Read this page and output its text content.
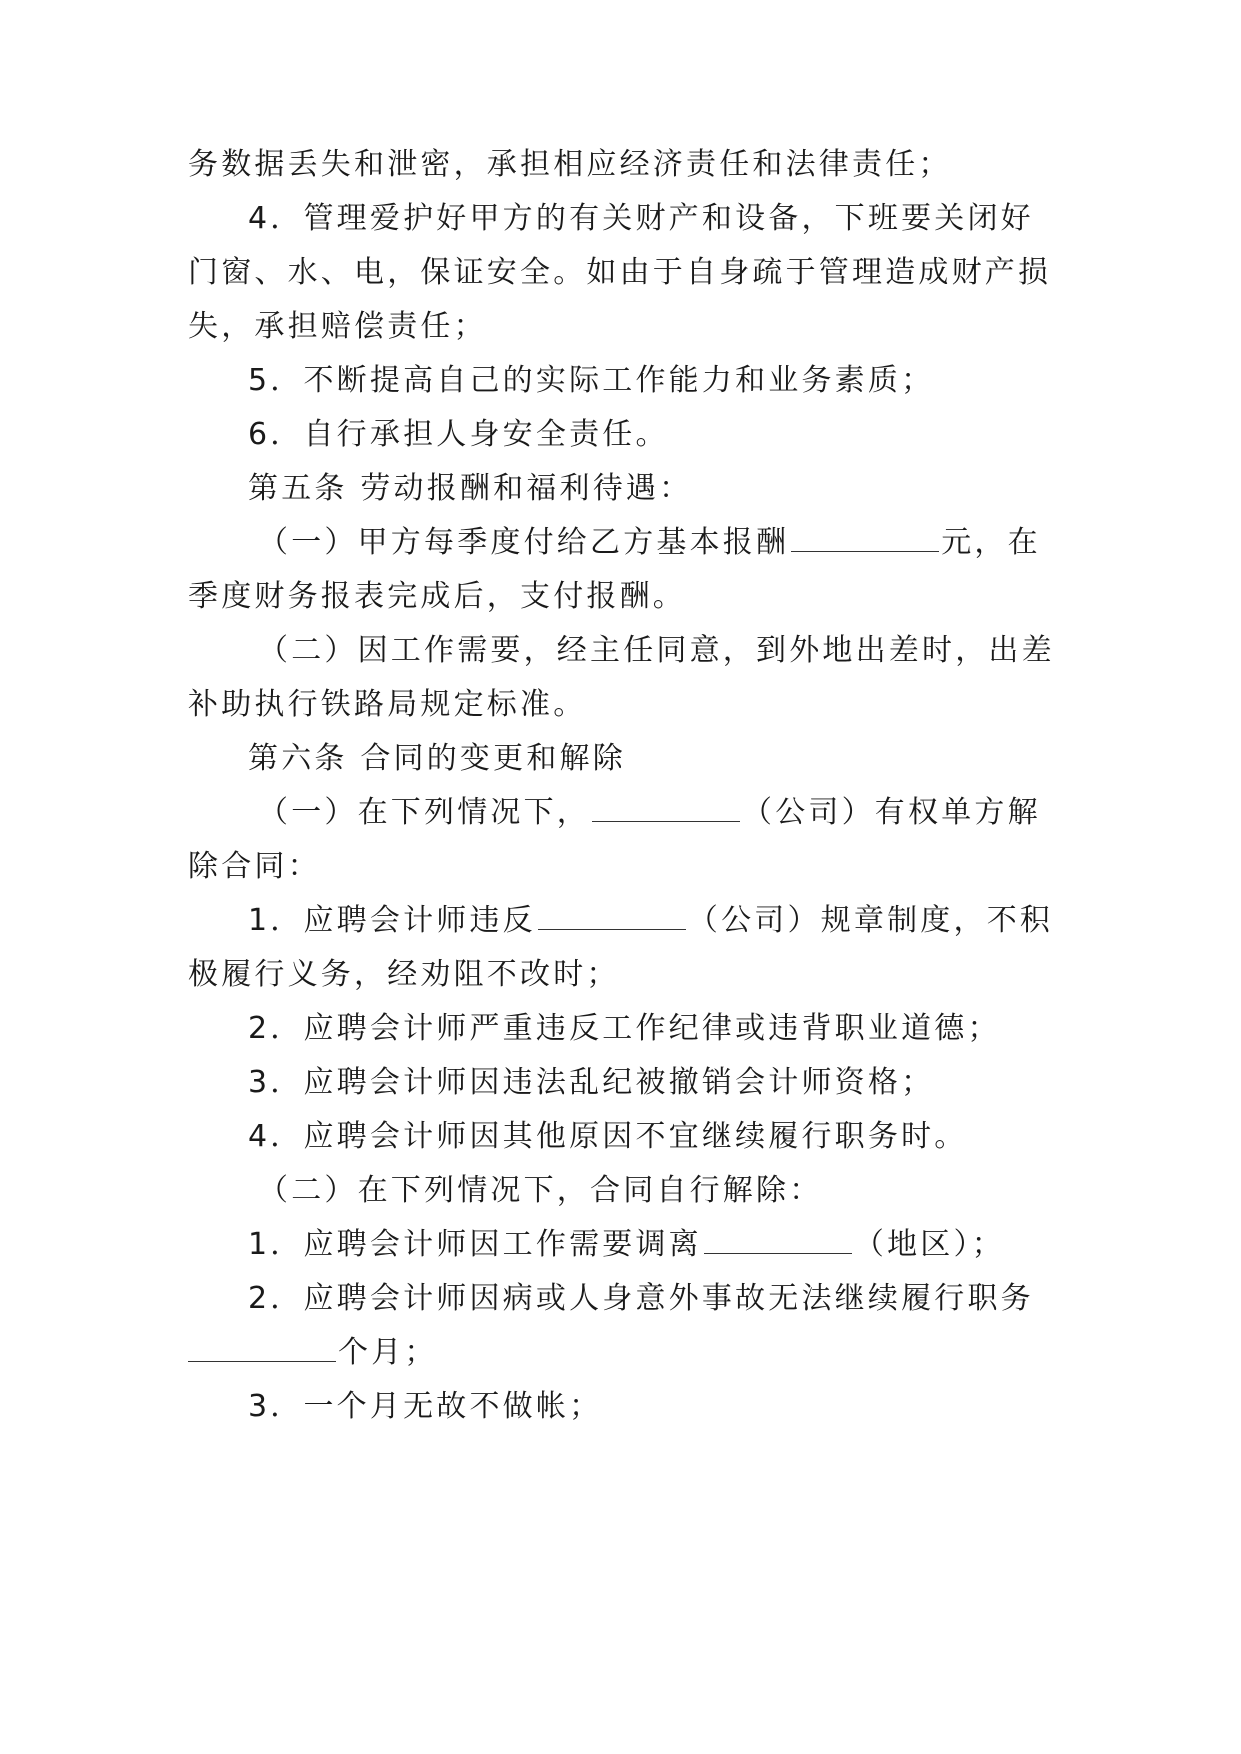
务数据丢失和泄密，承担相应经济责任和法律责任；
4．管理爱护好甲方的有关财产和设备，下班要关闭好
门窗、水、电，保证安全。如由于自身疏于管理造成财产损
失，承担赔偿责任；
5．不断提高自己的实际工作能力和业务素质；
6．自行承担人身安全责任。
第五条 劳动报酬和福利待遇：
（一）甲方每季度付给乙方基本报酬	元，在
季度财务报表完成后，支付报酬。
（二）因工作需要，经主任同意，到外地出差时，出差
补助执行铁路局规定标准。
第六条 合同的变更和解除
（一）在下列情况下，	（公司）有权单方解
除合同：
1．应聘会计师违反	（公司）规章制度，不积
极履行义务，经劝阻不改时；
2．应聘会计师严重违反工作纪律或违背职业道德；
3．应聘会计师因违法乱纪被撤销会计师资格；
4．应聘会计师因其他原因不宜继续履行职务时。
（二）在下列情况下，合同自行解除：
1．应聘会计师因工作需要调离	（地区）；
2．应聘会计师因病或人身意外事故无法继续履行职务
个月；
3．一个月无故不做帐；
